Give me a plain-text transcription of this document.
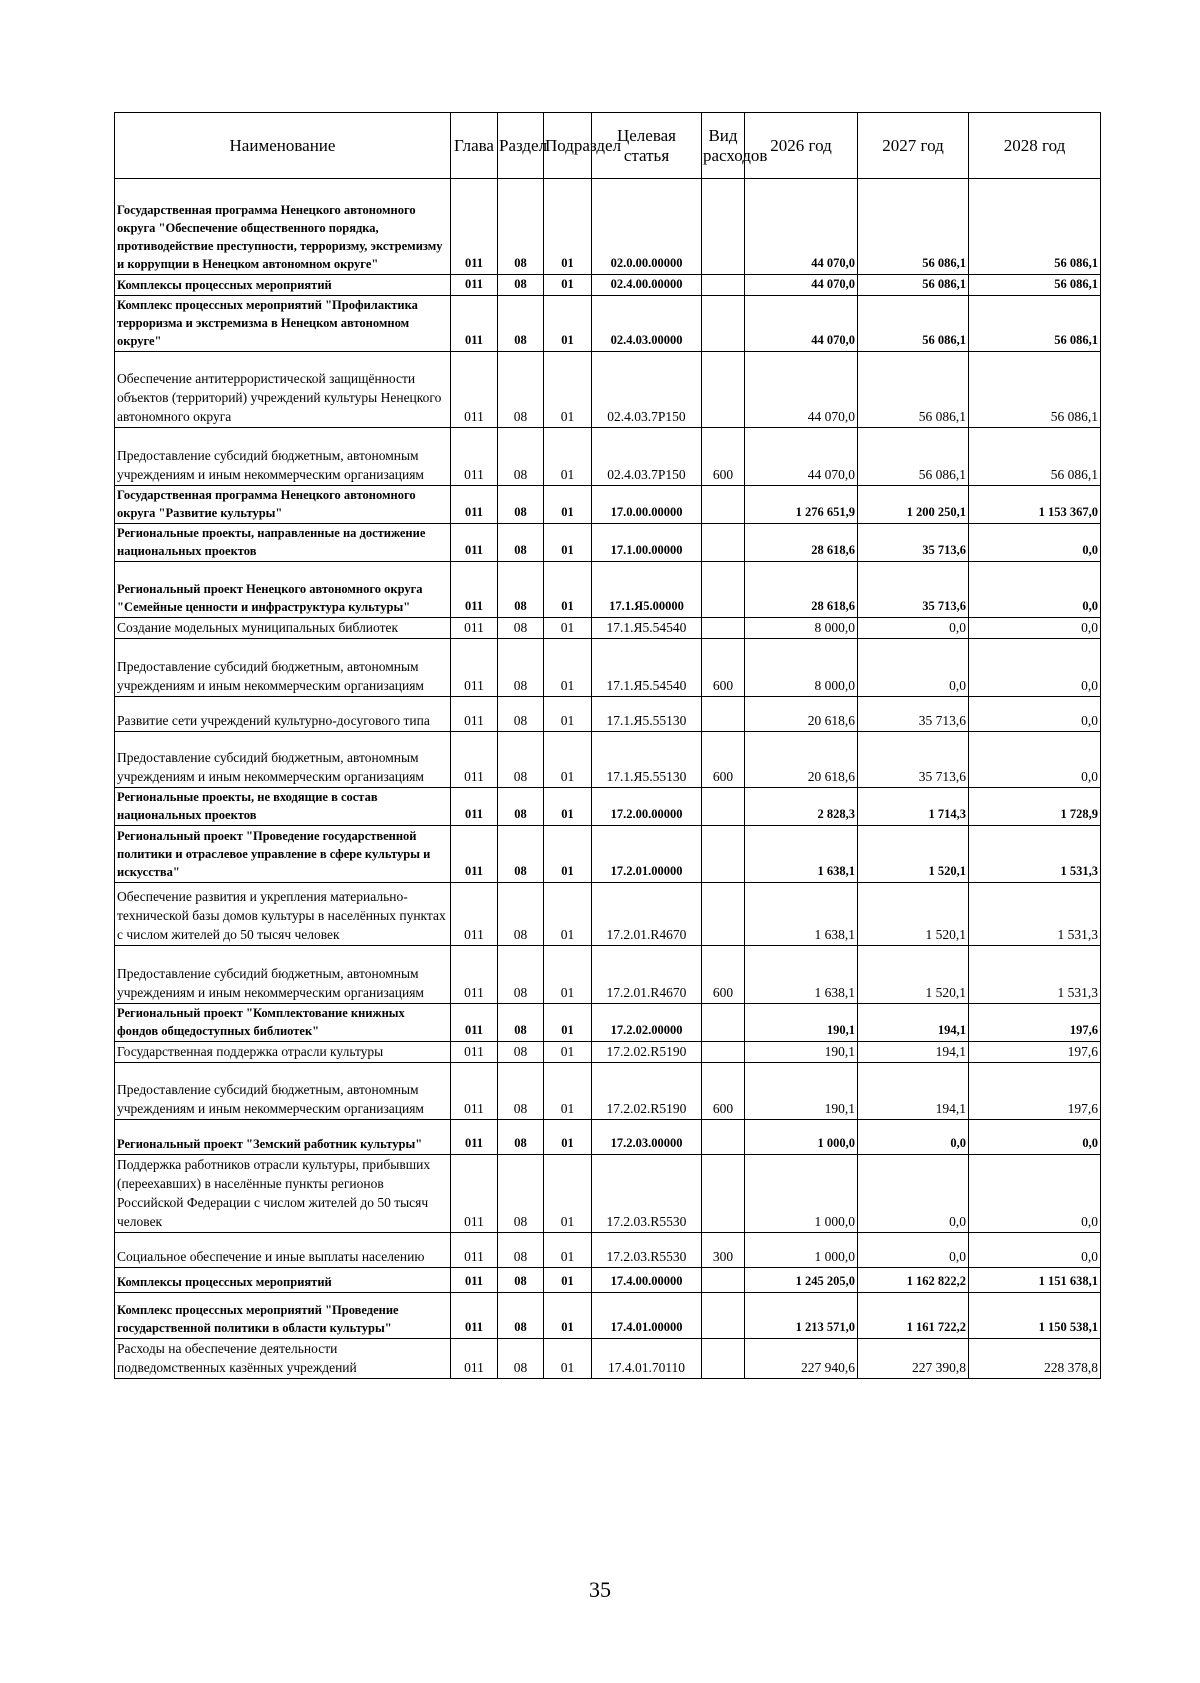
Наименование	Глава	Раздел	Подраздел	Целевая статья	Вид расходов	2026 год	2027 год	2028 год
Государственная программа Ненецкого автономного округа "Обеспечение общественного порядка, противодействие преступности, терроризму, экстремизму и коррупции в Ненецком автономном округе"	011	08	01	02.0.00.00000		44 070,0	56 086,1	56 086,1
Комплексы процессных мероприятий	011	08	01	02.4.00.00000		44 070,0	56 086,1	56 086,1
Комплекс процессных мероприятий "Профилактика терроризма и экстремизма в Ненецком автономном округе"	011	08	01	02.4.03.00000		44 070,0	56 086,1	56 086,1
Обеспечение антитеррористической защищённости объектов (территорий) учреждений культуры Ненецкого автономного округа	011	08	01	02.4.03.7Р150		44 070,0	56 086,1	56 086,1
Предоставление субсидий бюджетным, автономным учреждениям и иным некоммерческим организациям	011	08	01	02.4.03.7Р150	600	44 070,0	56 086,1	56 086,1
Государственная программа Ненецкого автономного округа "Развитие культуры"	011	08	01	17.0.00.00000		1 276 651,9	1 200 250,1	1 153 367,0
Региональные проекты, направленные на достижение национальных проектов	011	08	01	17.1.00.00000		28 618,6	35 713,6	0,0
Региональный проект Ненецкого автономного округа "Семейные ценности и инфраструктура культуры"	011	08	01	17.1.Я5.00000		28 618,6	35 713,6	0,0
Создание модельных муниципальных библиотек	011	08	01	17.1.Я5.54540		8 000,0	0,0	0,0
Предоставление субсидий бюджетным, автономным учреждениям и иным некоммерческим организациям	011	08	01	17.1.Я5.54540	600	8 000,0	0,0	0,0
Развитие сети учреждений культурно-досугового типа	011	08	01	17.1.Я5.55130		20 618,6	35 713,6	0,0
Предоставление субсидий бюджетным, автономным учреждениям и иным некоммерческим организациям	011	08	01	17.1.Я5.55130	600	20 618,6	35 713,6	0,0
Региональные проекты, не входящие в состав национальных проектов	011	08	01	17.2.00.00000		2 828,3	1 714,3	1 728,9
Региональный проект "Проведение государственной политики и отраслевое управление в сфере культуры и искусства"	011	08	01	17.2.01.00000		1 638,1	1 520,1	1 531,3
Обеспечение развития и укрепления материально-технической базы домов культуры в населённых пунктах с числом жителей до 50 тысяч человек	011	08	01	17.2.01.R4670		1 638,1	1 520,1	1 531,3
Предоставление субсидий бюджетным, автономным учреждениям и иным некоммерческим организациям	011	08	01	17.2.01.R4670	600	1 638,1	1 520,1	1 531,3
Региональный проект "Комплектование книжных фондов общедоступных библиотек"	011	08	01	17.2.02.00000		190,1	194,1	197,6
Государственная поддержка отрасли культуры	011	08	01	17.2.02.R5190		190,1	194,1	197,6
Предоставление субсидий бюджетным, автономным учреждениям и иным некоммерческим организациям	011	08	01	17.2.02.R5190	600	190,1	194,1	197,6
Региональный проект "Земский работник культуры"	011	08	01	17.2.03.00000		1 000,0	0,0	0,0
Поддержка работников отрасли культуры, прибывших (переехавших) в населённые пункты регионов Российской Федерации с числом жителей до 50 тысяч человек	011	08	01	17.2.03.R5530		1 000,0	0,0	0,0
Социальное обеспечение и иные выплаты населению	011	08	01	17.2.03.R5530	300	1 000,0	0,0	0,0
Комплексы процессных мероприятий	011	08	01	17.4.00.00000		1 245 205,0	1 162 822,2	1 151 638,1
Комплекс процессных мероприятий "Проведение государственной политики в области культуры"	011	08	01	17.4.01.00000		1 213 571,0	1 161 722,2	1 150 538,1
Расходы на обеспечение деятельности подведомственных казённых учреждений	011	08	01	17.4.01.70110		227 940,6	227 390,8	228 378,8
35
